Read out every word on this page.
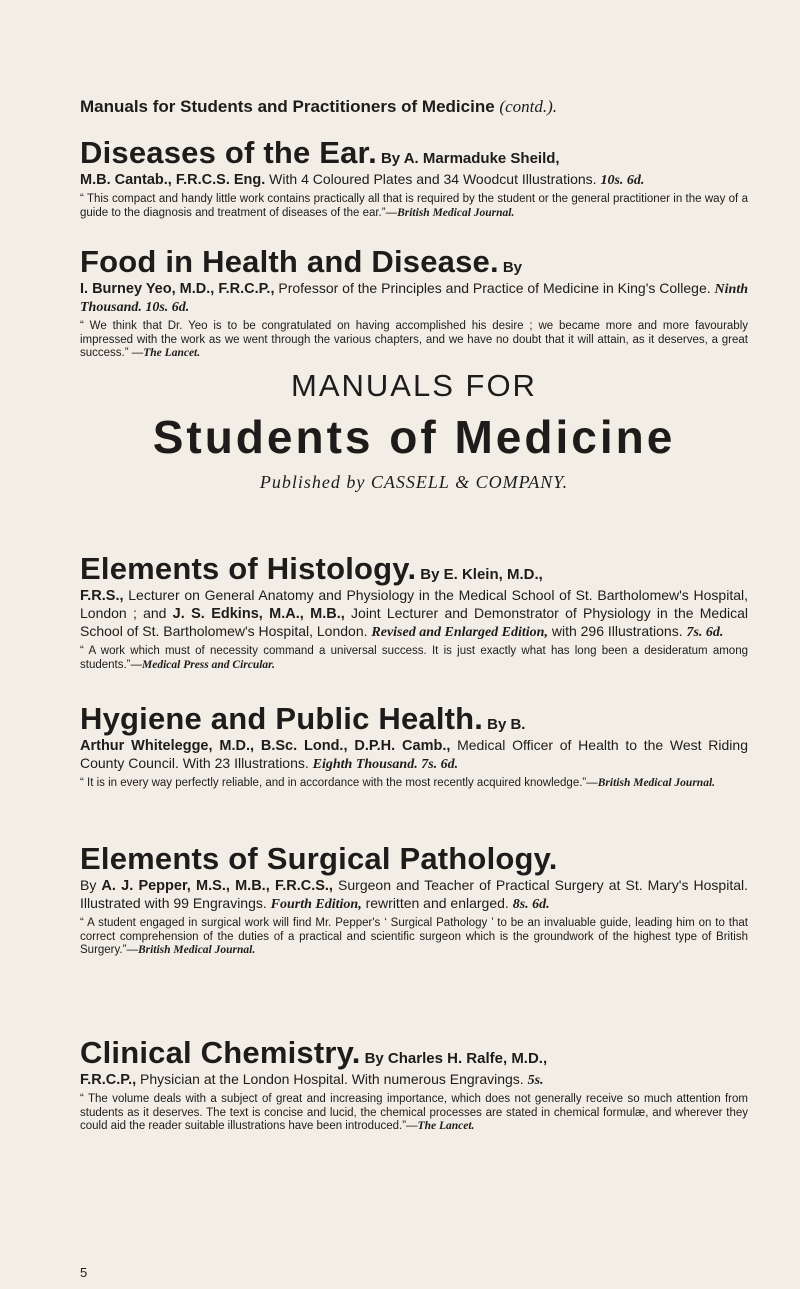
Manuals for Students and Practitioners of Medicine (contd.).
Diseases of the Ear. By A. Marmaduke Sheild,

M.B. Cantab., F.R.C.S. Eng. With 4 Coloured Plates and 34 Woodcut Illustrations. 10s. 6d.

“ This compact and handy little work contains practically all that is required by the student or the general practitioner in the way of a guide to the diagnosis and treatment of diseases of the ear.”—British Medical Journal.

Food in Health and Disease. By

I. Burney Yeo, M.D., F.R.C.P., Professor of the Principles and Practice of Medicine in King's College. Ninth Thousand. 10s. 6d.

“ We think that Dr. Yeo is to be congratulated on having accomplished his desire ; we became more and more favourably impressed with the work as we went through the various chapters, and we have no doubt that it will attain, as it deserves, a great success.” —The Lancet.

MANUALS FOR
Students of Medicine
Published by CASSELL & COMPANY.
Elements of Histology. By E. Klein, M.D.,

F.R.S., Lecturer on General Anatomy and Physiology in the Medical School of St. Bartholomew's Hospital, London ; and J. S. Edkins, M.A., M.B., Joint Lecturer and Demonstrator of Physiology in the Medical School of St. Bartholomew's Hospital, London. Revised and Enlarged Edition, with 296 Illustrations. 7s. 6d.

“ A work which must of necessity command a universal success. It is just exactly what has long been a desideratum among students.”—Medical Press and Circular.

Hygiene and Public Health. By B.

Arthur Whitelegge, M.D., B.Sc. Lond., D.P.H. Camb., Medical Officer of Health to the West Riding County Council. With 23 Illustrations. Eighth Thousand. 7s. 6d.

“ It is in every way perfectly reliable, and in accordance with the most recently acquired knowledge.”—British Medical Journal.

Elements of Surgical Pathology.

By A. J. Pepper, M.S., M.B., F.R.C.S., Surgeon and Teacher of Practical Surgery at St. Mary's Hospital. Illustrated with 99 Engravings. Fourth Edition, rewritten and enlarged. 8s. 6d.

“ A student engaged in surgical work will find Mr. Pepper's ‘ Surgical Pathology ’ to be an invaluable guide, leading him on to that correct comprehension of the duties of a practical and scientific surgeon which is the groundwork of the highest type of British Surgery.”—British Medical Journal.

Clinical Chemistry. By Charles H. Ralfe, M.D.,

F.R.C.P., Physician at the London Hospital. With numerous Engravings. 5s.

“ The volume deals with a subject of great and increasing importance, which does not generally receive so much attention from students as it deserves. The text is concise and lucid, the chemical processes are stated in chemical formulæ, and wherever they could aid the reader suitable illustrations have been introduced.”—The Lancet.

5
